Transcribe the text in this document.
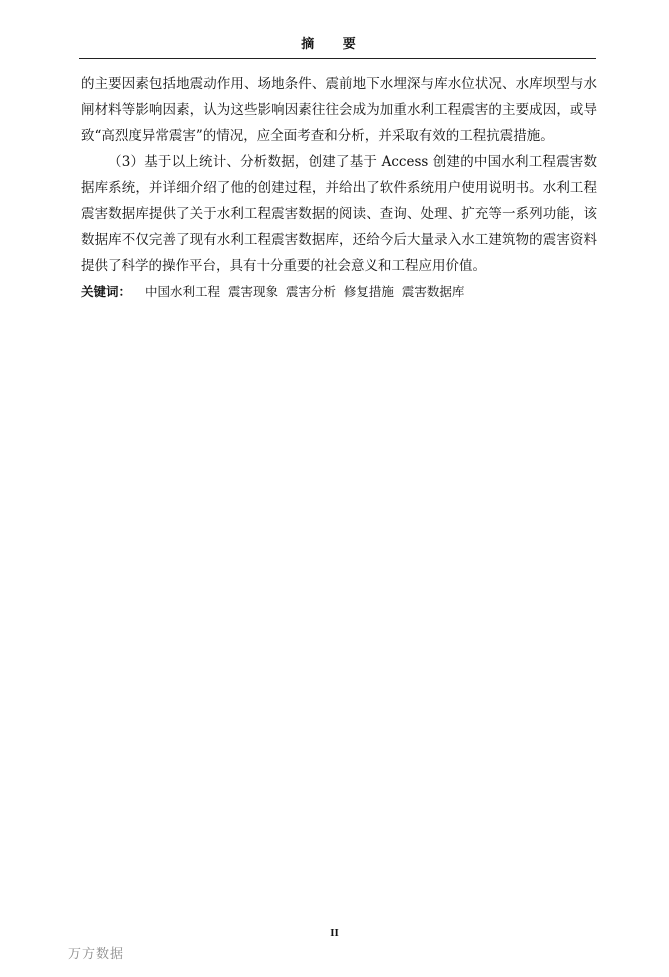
摘 要

的主要因素包括地震动作用、场地条件、震前地下水埋深与库水位状况、水库坝型与水闸材料等影响因素，认为这些影响因素往往会成为加重水利工程震害的主要成因，或导致“高烈度异常震害”的情况，应全面考查和分析，并采取有效的工程抗震措施。

（3）基于以上统计、分析数据，创建了基于 Access 创建的中国水利工程震害数据库系统，并详细介绍了他的创建过程，并给出了软件系统用户使用说明书。水利工程震害数据库提供了关于水利工程震害数据的阅读、查询、处理、扩充等一系列功能，该数据库不仅完善了现有水利工程震害数据库，还给今后大量录入水工建筑物的震害资料提供了科学的操作平台，具有十分重要的社会意义和工程应用价值。

关键词： 中国水利工程 震害现象 震害分析 修复措施 震害数据库
II
万方数据
